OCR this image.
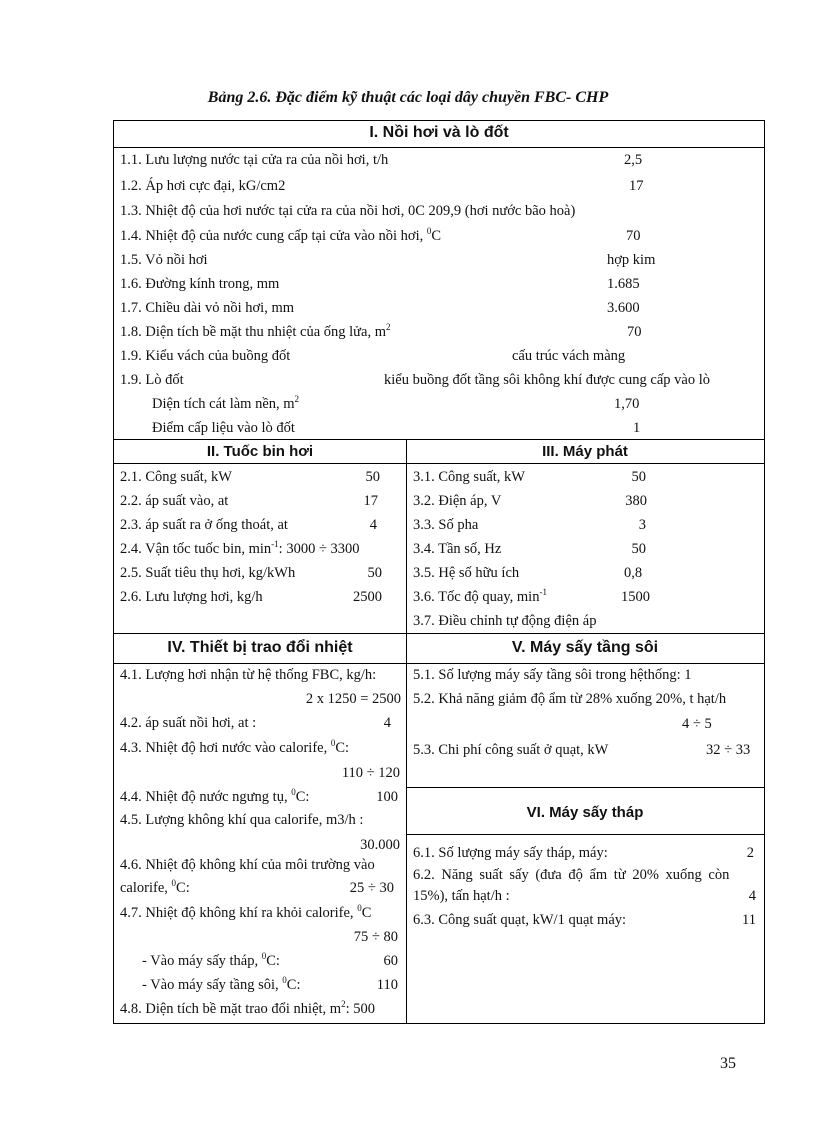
Bảng 2.6. Đặc điểm kỹ thuật các loại dây chuyền FBC- CHP
I. Nồi hơi và lò đốt
1.1. Lưu lượng nước tại cửa ra của nồi hơi, t/h	2,5
1.2. Áp hơi cực đại, kG/cm2	17
1.3. Nhiệt độ của hơi nước tại cửa ra của nồi hơi, 0C 209,9 (hơi nước bão hoà)
1.4. Nhiệt độ của nước cung cấp tại cửa vào nồi hơi, $^0$C	70
1.5. Vỏ nồi hơi	hợp kim
1.6. Đường kính trong, mm	1.685
1.7. Chiều dài vỏ nồi hơi, mm	3.600
1.8. Diện tích bề mặt thu nhiệt của ống lửa, $m^2$	70
1.9. Kiểu vách của buồng đốt	cấu trúc vách màng
1.9. Lò đốt	kiểu buồng đốt tầng sôi không khí được cung cấp vào lò
Diện tích cát làm nền, $m^2$	1,70
Điểm cấp liệu vào lò đốt	1
II. Tuốc bin hơi
2.1. Công suất, kW	50
2.2. áp suất vào, at	17
2.3. áp suất ra ở ống thoát, at	4
2.4. Vận tốc tuốc bin, $\min^{-1}$: 3000 ÷ 3300
2.5. Suất tiêu thụ hơi, kg/kWh	50
2.6. Lưu lượng hơi, kg/h	2500
III. Máy phát
3.1. Công suất, kW	50
3.2. Điện áp, V	380
3.3. Số pha	3
3.4. Tần số, Hz	50
3.5. Hệ số hữu ích	0,8
3.6. Tốc độ quay, $\min^{-1}$	1500
3.7. Điều chỉnh tự động điện áp
IV. Thiết bị trao đổi nhiệt
4.1. Lượng hơi nhận từ hệ thống FBC, kg/h:
2 x 1250 = 2500
4.2. áp suất nồi hơi, at :	4
4.3. Nhiệt độ hơi nước vào calorife, $^0$C:
110 ÷ 120
4.4. Nhiệt độ nước ngưng tụ, $^0$C:	100
4.5. Lượng không khí qua calorife, m3/h :
30.000
4.6. Nhiệt độ không khí của môi trường vào
calorife, $^0$C:	25 ÷ 30
4.7. Nhiệt độ không khí ra khỏi calorife, $^0$C
75 ÷ 80
- Vào máy sấy tháp, $^0$C:	60
- Vào máy sấy tầng sôi, $^0$C:	110
4.8. Diện tích bề mặt trao đổi nhiệt, $m^2$: 500
V. Máy sấy tầng sôi
5.1. Số lượng máy sấy tầng sôi trong hệthống: 1
5.2. Khả năng giảm độ ẩm từ 28% xuống 20%, t hạt/h
4 ÷ 5
5.3. Chi phí công suất ở quạt, kW	32 ÷ 33
VI. Máy sấy tháp
6.1. Số lượng máy sấy tháp, máy:	2
6.2. Năng suất sấy (đưa độ ẩm từ 20% xuống còn
15%), tấn hạt/h :	4
6.3. Công suất quạt, kW/1 quạt máy:	11
35
